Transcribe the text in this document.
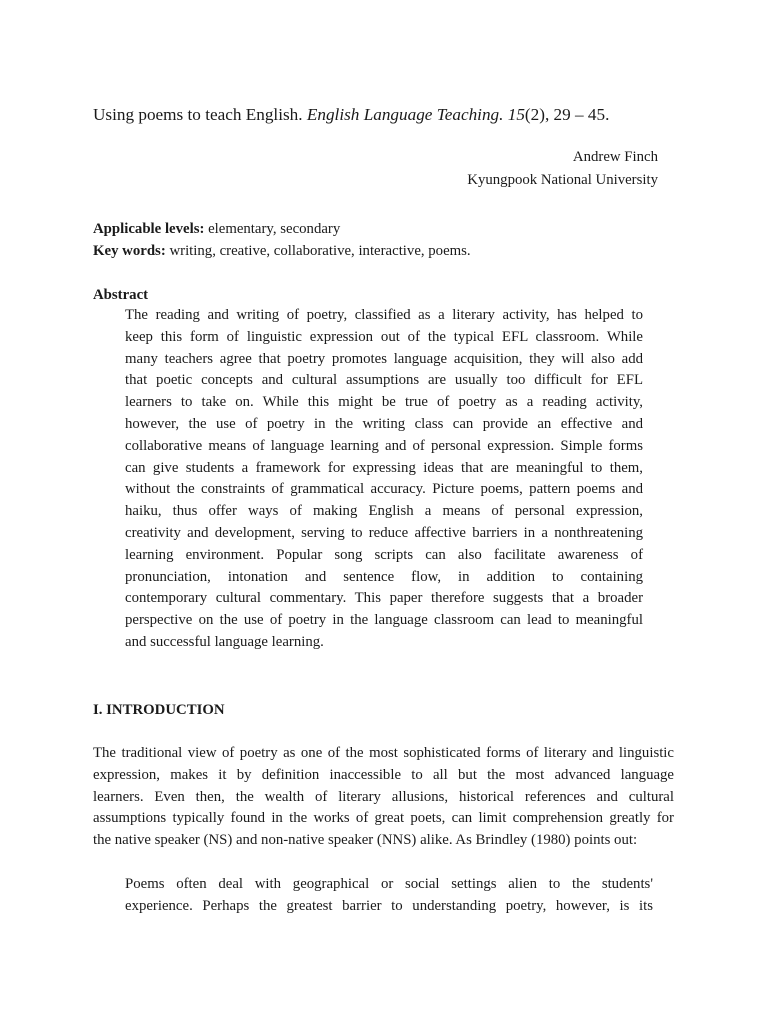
Using poems to teach English. English Language Teaching. 15(2), 29 – 45.
Andrew Finch
Kyungpook National University
Applicable levels: elementary, secondary
Key words: writing, creative, collaborative, interactive, poems.
Abstract
The reading and writing of poetry, classified as a literary activity, has helped to
keep this form of linguistic expression out of the typical EFL classroom. While
many teachers agree that poetry promotes language acquisition, they will also add
that poetic concepts and cultural assumptions are usually too difficult for EFL
learners to take on. While this might be true of poetry as a reading activity,
however, the use of poetry in the writing class can provide an effective and
collaborative means of language learning and of personal expression. Simple forms
can give students a framework for expressing ideas that are meaningful to them,
without the constraints of grammatical accuracy. Picture poems, pattern poems and
haiku, thus offer ways of making English a means of personal expression,
creativity and development, serving to reduce affective barriers in a nonthreatening
learning environment. Popular song scripts can also facilitate awareness of
pronunciation, intonation and sentence flow, in addition to containing
contemporary cultural commentary. This paper therefore suggests that a broader
perspective on the use of poetry in the language classroom can lead to meaningful
and successful language learning.
I. INTRODUCTION
The traditional view of poetry as one of the most sophisticated forms of literary and linguistic
expression, makes it by definition inaccessible to all but the most advanced language
learners. Even then, the wealth of literary allusions, historical references and cultural
assumptions typically found in the works of great poets, can limit comprehension greatly for
the native speaker (NS) and non-native speaker (NNS) alike. As Brindley (1980) points out:
Poems often deal with geographical or social settings alien to the students'
experience. Perhaps the greatest barrier to understanding poetry, however, is its
